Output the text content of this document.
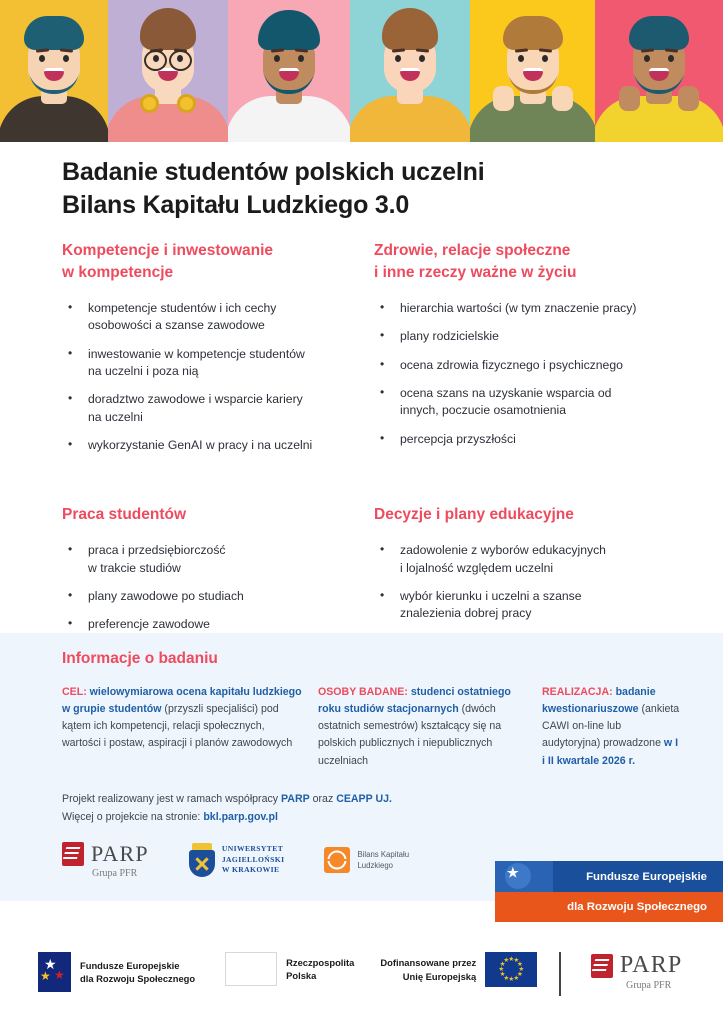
Badanie studentów polskich uczelni
Bilans Kapitału Ludzkiego 3.0
Kompetencje i inwestowanie
w kompetencje
• kompetencje studentów i ich cechy
osobowości a szanse zawodowe
• inwestowanie w kompetencje studentów
na uczelni i poza nią
• doradztwo zawodowe i wsparcie kariery
na uczelni
• wykorzystanie GenAI w pracy i na uczelni
Zdrowie, relacje społeczne
i inne rzeczy ważne w życiu
• hierarchia wartości (w tym znaczenie pracy)
• plany rodzicielskie
• ocena zdrowia fizycznego i psychicznego
• ocena szans na uzyskanie wsparcia od
innych, poczucie osamotnienia
• percepcja przyszłości
Praca studentów
• praca i przedsiębiorczość
w trakcie studiów
• plany zawodowe po studiach
• preferencje zawodowe

Decyzje i plany edukacyjne
• zadowolenie z wyborów edukacyjnych
i lojalność względem uczelni
• wybór kierunku i uczelni a szanse
znalezienia dobrej pracy
•

Informacje o badaniu
CEL: wielowymiarowa ocena kapitału ludzkiego w grupie studentów (przyszli specjaliści) pod kątem ich kompetencji, relacji społecznych, wartości i postaw, aspiracji i planów zawodowych
OSOBY BADANE: studenci ostatniego roku studiów stacjonarnych (dwóch ostatnich semestrów) kształcący się na polskich publicznych i niepublicznych uczelniach
REALIZACJA: badanie kwestionariuszowe (ankieta CAWI on-line lub audytoryjna) prowadzone w I i II kwartale 2026 r.
Projekt realizowany jest w ramach współpracy PARP oraz CEAPP UJ.
Więcej o projekcie na stronie: bkl.parp.gov.pl
PARP
Grupa PFR
UNIWERSYTET
JAGIELLOŃSKI
W KRAKOWIE
Bilans Kapitału
Ludzkiego
★
Fundusze Europejskie
dla Rozwoju Społecznego
★
★ ★
Fundusze Europejskie
dla Rozwoju Społecznego
Rzeczpospolita
Polska
Dofinansowane przez
Unię Europejską
★ ★
★
★
★
★
★
★
★
★
★
★	PARP
Grupa PFR
